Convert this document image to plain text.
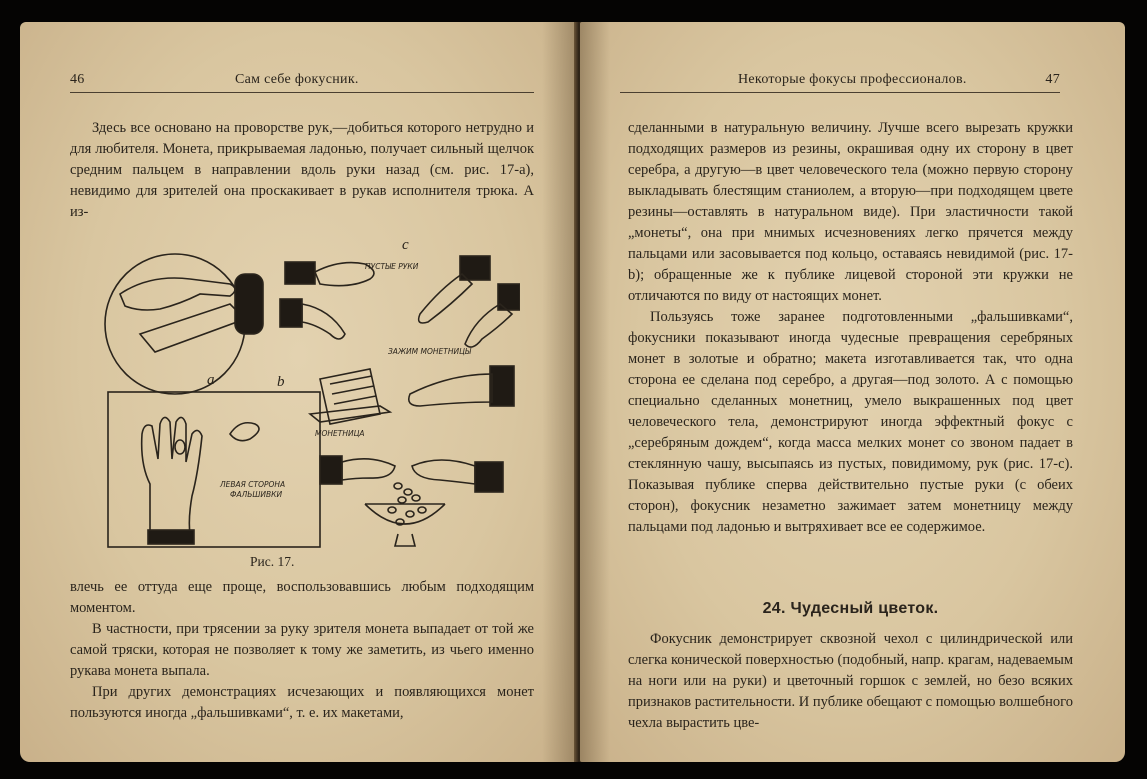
46	Сам себе фокусник.

Здесь все основано на проворстве рук,—добиться которого нетрудно и для любителя. Монета, прикрываемая ладонью, получает сильный щелчок средним пальцем в направлении вдоль руки назад (см. рис. 17-а), невидимо для зрителей она проскакивает в рукав исполнителя трюка. А из-

c
a	b
ПУСТЫЕ РУКИ
ЗАЖИМ МОНЕТНИЦЫ
МОНЕТНИЦА
ЛЕВАЯ СТОРОНА
ФАЛЬШИВКИ
Рис. 17.

влечь ее оттуда еще проще, воспользовавшись любым подходящим моментом.

В частности, при трясении за руку зрителя монета выпадает от той же самой тряски, которая не позволяет к тому же заметить, из чьего именно рукава монета выпала.

При других демонстрациях исчезающих и появляющихся монет пользуются иногда „фальшивками“, т. е. их макетами,

Некоторые фокусы профессионалов.	47

сделанными в натуральную величину. Лучше всего вырезать кружки подходящих размеров из резины, окрашивая одну их сторону в цвет серебра, а другую—в цвет человеческого тела (можно первую сторону выкладывать блестящим станиолем, а вторую—при подходящем цвете резины—оставлять в натуральном виде). При эластичности такой „монеты“, она при мнимых исчезновениях легко прячется между пальцами или засовывается под кольцо, оставаясь невидимой (рис. 17-b); обращенные же к публике лицевой стороной эти кружки не отличаются по виду от настоящих монет.

Пользуясь тоже заранее подготовленными „фальшивками“, фокусники показывают иногда чудесные превращения серебряных монет в золотые и обратно; макета изготавливается так, что одна сторона ее сделана под серебро, а другая—под золото. А с помощью специально сделанных монетниц, умело выкрашенных под цвет человеческого тела, демонстрируют иногда эффектный фокус с „серебряным дождем“, когда масса мелких монет со звоном падает в стеклянную чашу, высыпаясь из пустых, повидимому, рук (рис. 17-c). Показывая публике сперва действительно пустые руки (с обеих сторон), фокусник незаметно зажимает затем монетницу между пальцами под ладонью и вытряхивает все ее содержимое.

24. Чудесный цветок.

Фокусник демонстрирует сквозной чехол с цилиндрической или слегка конической поверхностью (подобный, напр. крагам, надеваемым на ноги или на руки) и цветочный горшок с землей, но безо всяких признаков растительности. И публике обещают с помощью волшебного чехла вырастить цве-
